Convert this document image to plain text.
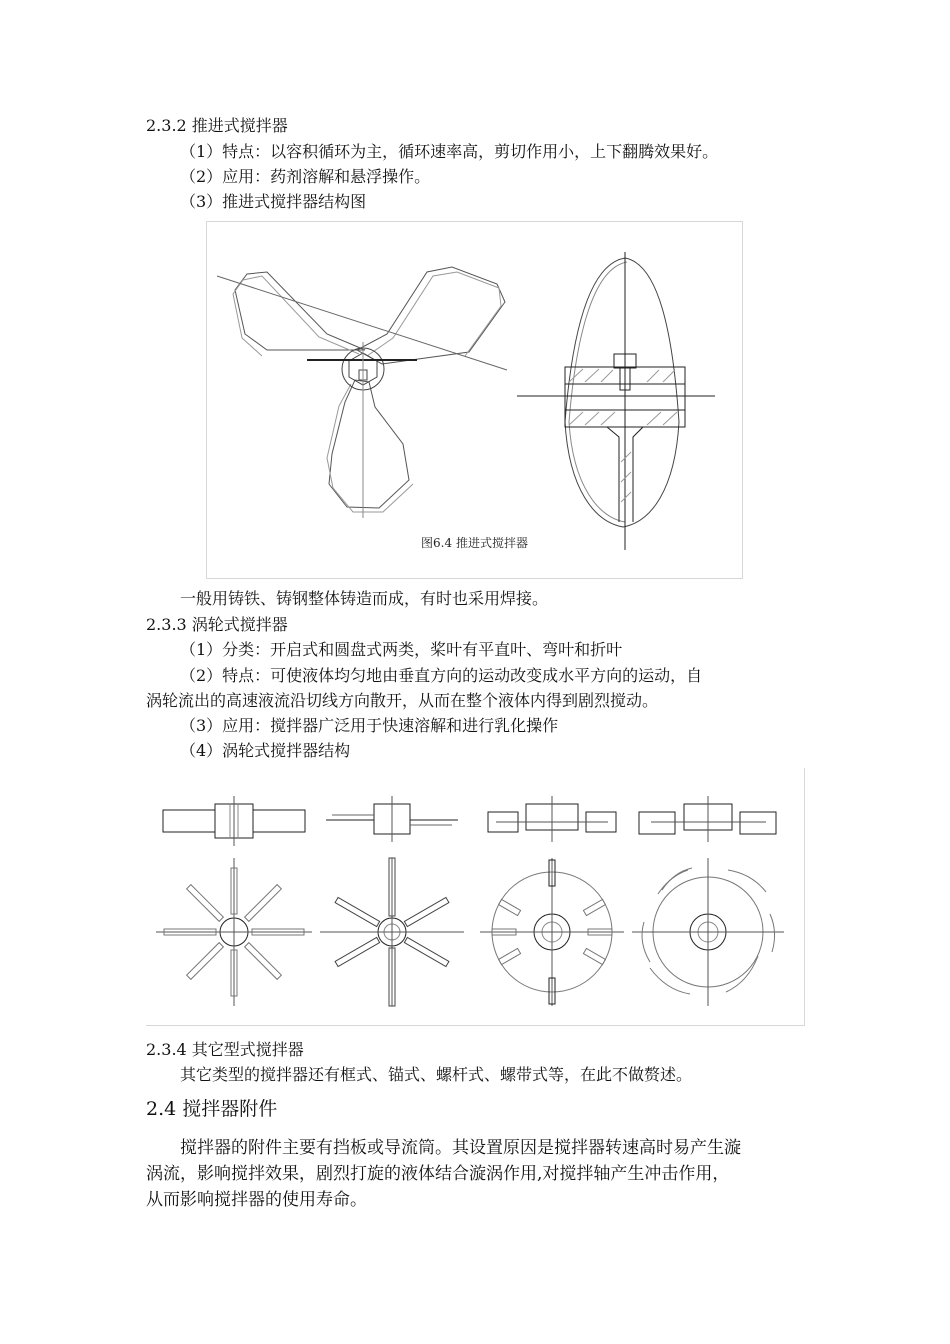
2.3.2 推进式搅拌器
（1）特点：以容积循环为主，循环速率高，剪切作用小，上下翻腾效果好。
（2）应用：药剂溶解和悬浮操作。
（3）推进式搅拌器结构图
图6.4 推进式搅拌器
一般用铸铁、铸钢整体铸造而成，有时也采用焊接。
2.3.3 涡轮式搅拌器
（1）分类：开启式和圆盘式两类，桨叶有平直叶、弯叶和折叶
（2）特点：可使液体均匀地由垂直方向的运动改变成水平方向的运动，自
涡轮流出的高速液流沿切线方向散开，从而在整个液体内得到剧烈搅动。
（3）应用：搅拌器广泛用于快速溶解和进行乳化操作
（4）涡轮式搅拌器结构
2.3.4 其它型式搅拌器
其它类型的搅拌器还有框式、锚式、螺杆式、螺带式等，在此不做赘述。
2.4 搅拌器附件
搅拌器的附件主要有挡板或导流筒。其设置原因是搅拌器转速高时易产生漩
涡流，影响搅拌效果，剧烈打旋的液体结合漩涡作用,对搅拌轴产生冲击作用，
从而影响搅拌器的使用寿命。
